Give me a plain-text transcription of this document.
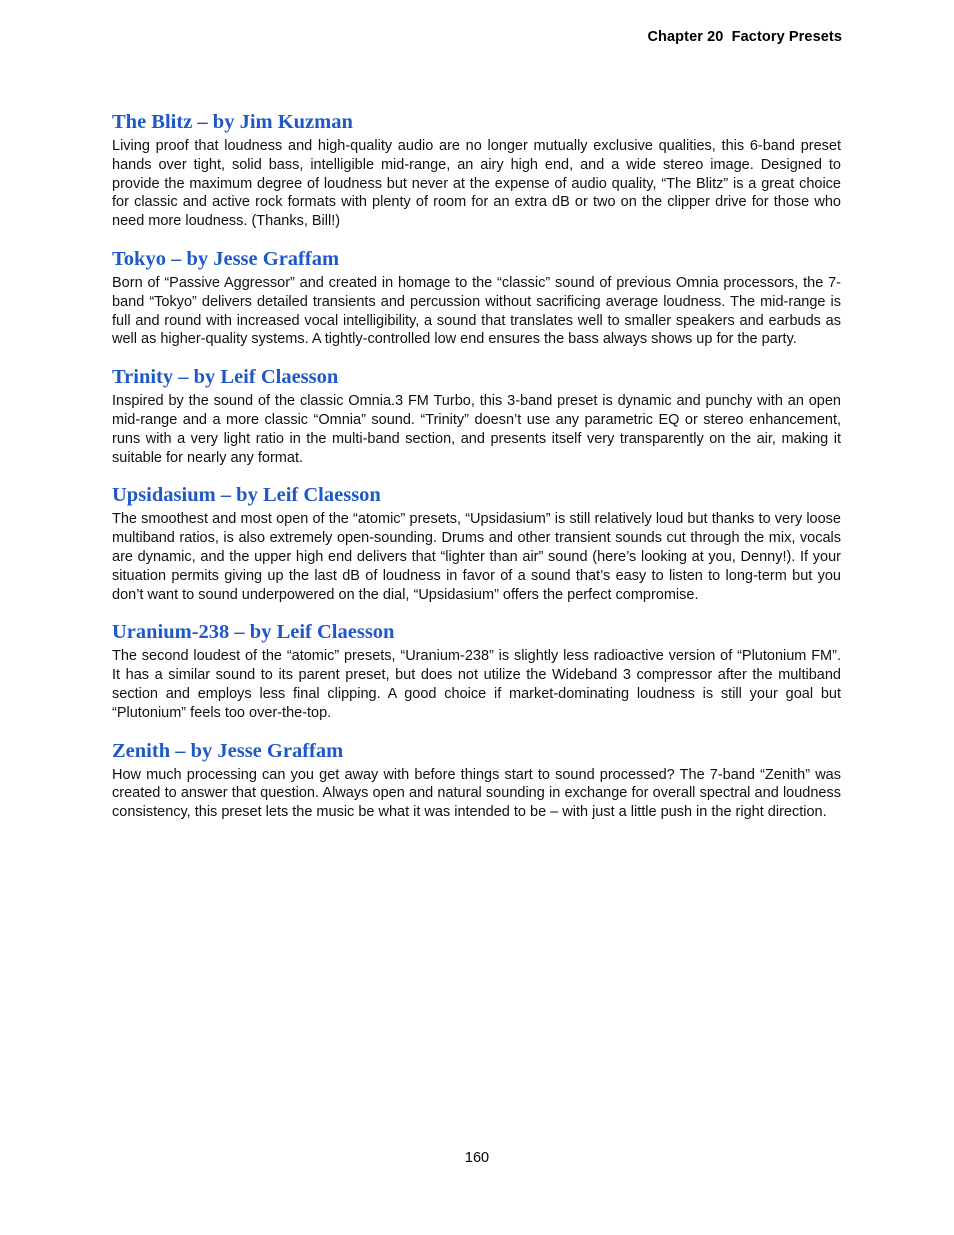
Chapter 20  Factory Presets
The Blitz – by Jim Kuzman

Living proof that loudness and high-quality audio are no longer mutually exclusive qualities, this 6-band preset hands over tight, solid bass, intelligible mid-range, an airy high end, and a wide stereo image. Designed to provide the maximum degree of loudness but never at the expense of audio quality, “The Blitz” is a great choice for classic and active rock formats with plenty of room for an extra dB or two on the clipper drive for those who need more loudness. (Thanks, Bill!)

Tokyo – by Jesse Graffam

Born of “Passive Aggressor” and created in homage to the “classic” sound of previous Omnia processors, the 7-band “Tokyo” delivers detailed transients and percussion without sacrificing average loudness. The mid-range is full and round with increased vocal intelligibility, a sound that translates well to smaller speakers and earbuds as well as higher-quality systems. A tightly-controlled low end ensures the bass always shows up for the party.

Trinity – by Leif Claesson

Inspired by the sound of the classic Omnia.3 FM Turbo, this 3-band preset is dynamic and punchy with an open mid-range and a more classic “Omnia” sound. “Trinity” doesn’t use any parametric EQ or stereo enhancement, runs with a very light ratio in the multi-band section, and presents itself very transparently on the air, making it suitable for nearly any format.

Upsidasium – by Leif Claesson

The smoothest and most open of the “atomic” presets, “Upsidasium” is still relatively loud but thanks to very loose multiband ratios, is also extremely open-sounding. Drums and other transient sounds cut through the mix, vocals are dynamic, and the upper high end delivers that “lighter than air” sound (here’s looking at you, Denny!). If your situation permits giving up the last dB of loudness in favor of a sound that’s easy to listen to long-term but you don’t want to sound underpowered on the dial, “Upsidasium” offers the perfect compromise.

Uranium-238 – by Leif Claesson

The second loudest of the “atomic” presets, “Uranium-238” is slightly less radioactive version of “Plutonium FM”. It has a similar sound to its parent preset, but does not utilize the Wideband 3 compressor after the multiband section and employs less final clipping. A good choice if market-dominating loudness is still your goal but “Plutonium” feels too over-the-top.

Zenith – by Jesse Graffam

How much processing can you get away with before things start to sound processed? The 7-band “Zenith” was created to answer that question. Always open and natural sounding in exchange for overall spectral and loudness consistency, this preset lets the music be what it was intended to be – with just a little push in the right direction.

160
